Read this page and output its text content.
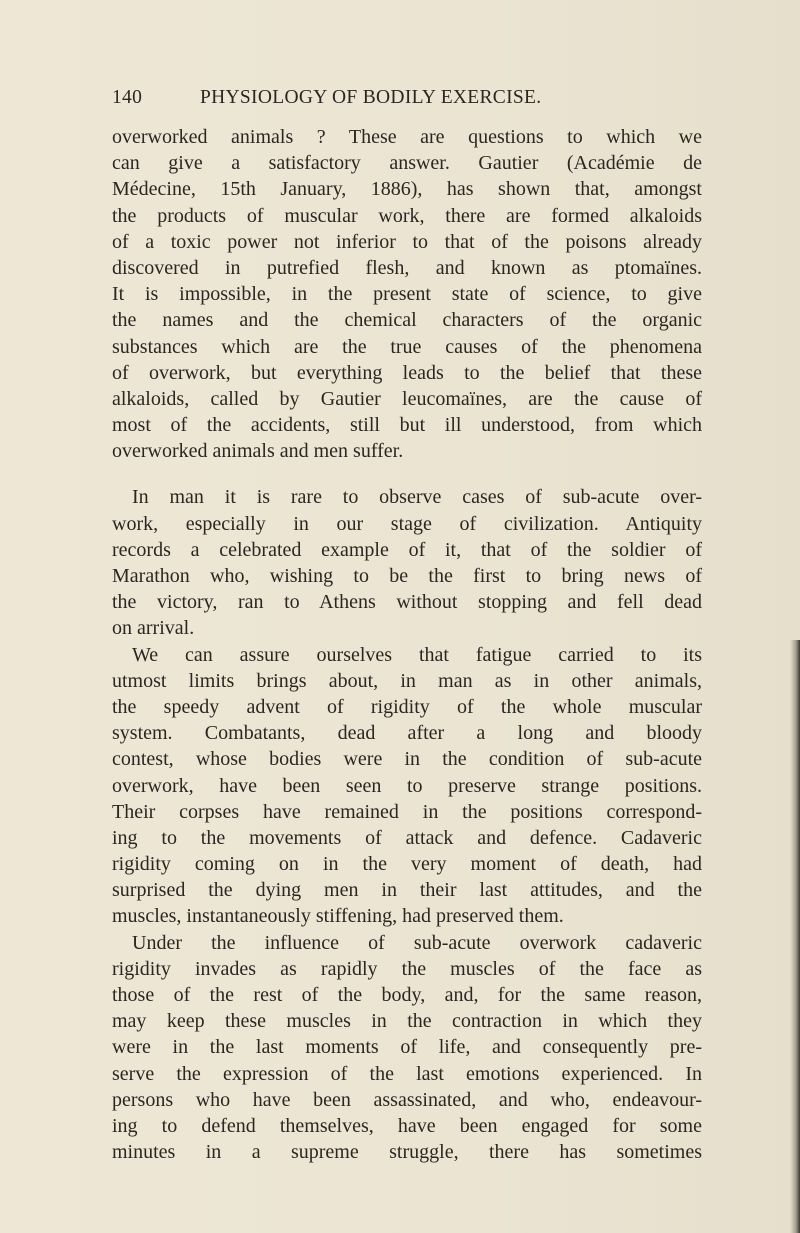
140	PHYSIOLOGY OF BODILY EXERCISE.
overworked animals ? These are questions to which we
can give a satisfactory answer. Gautier (Académie de
Médecine, 15th January, 1886), has shown that, amongst
the products of muscular work, there are formed alkaloids
of a toxic power not inferior to that of the poisons already
discovered in putrefied flesh, and known as ptomaïnes.
It is impossible, in the present state of science, to give
the names and the chemical characters of the organic
substances which are the true causes of the phenomena
of overwork, but everything leads to the belief that these
alkaloids, called by Gautier leucomaïnes, are the cause of
most of the accidents, still but ill understood, from which
overworked animals and men suffer.
In man it is rare to observe cases of sub-acute over-
work, especially in our stage of civilization. Antiquity
records a celebrated example of it, that of the soldier of
Marathon who, wishing to be the first to bring news of
the victory, ran to Athens without stopping and fell dead
on arrival.
We can assure ourselves that fatigue carried to its
utmost limits brings about, in man as in other animals,
the speedy advent of rigidity of the whole muscular
system. Combatants, dead after a long and bloody
contest, whose bodies were in the condition of sub-acute
overwork, have been seen to preserve strange positions.
Their corpses have remained in the positions correspond-
ing to the movements of attack and defence. Cadaveric
rigidity coming on in the very moment of death, had
surprised the dying men in their last attitudes, and the
muscles, instantaneously stiffening, had preserved them.
Under the influence of sub-acute overwork cadaveric
rigidity invades as rapidly the muscles of the face as
those of the rest of the body, and, for the same reason,
may keep these muscles in the contraction in which they
were in the last moments of life, and consequently pre-
serve the expression of the last emotions experienced. In
persons who have been assassinated, and who, endeavour-
ing to defend themselves, have been engaged for some
minutes in a supreme struggle, there has sometimes
